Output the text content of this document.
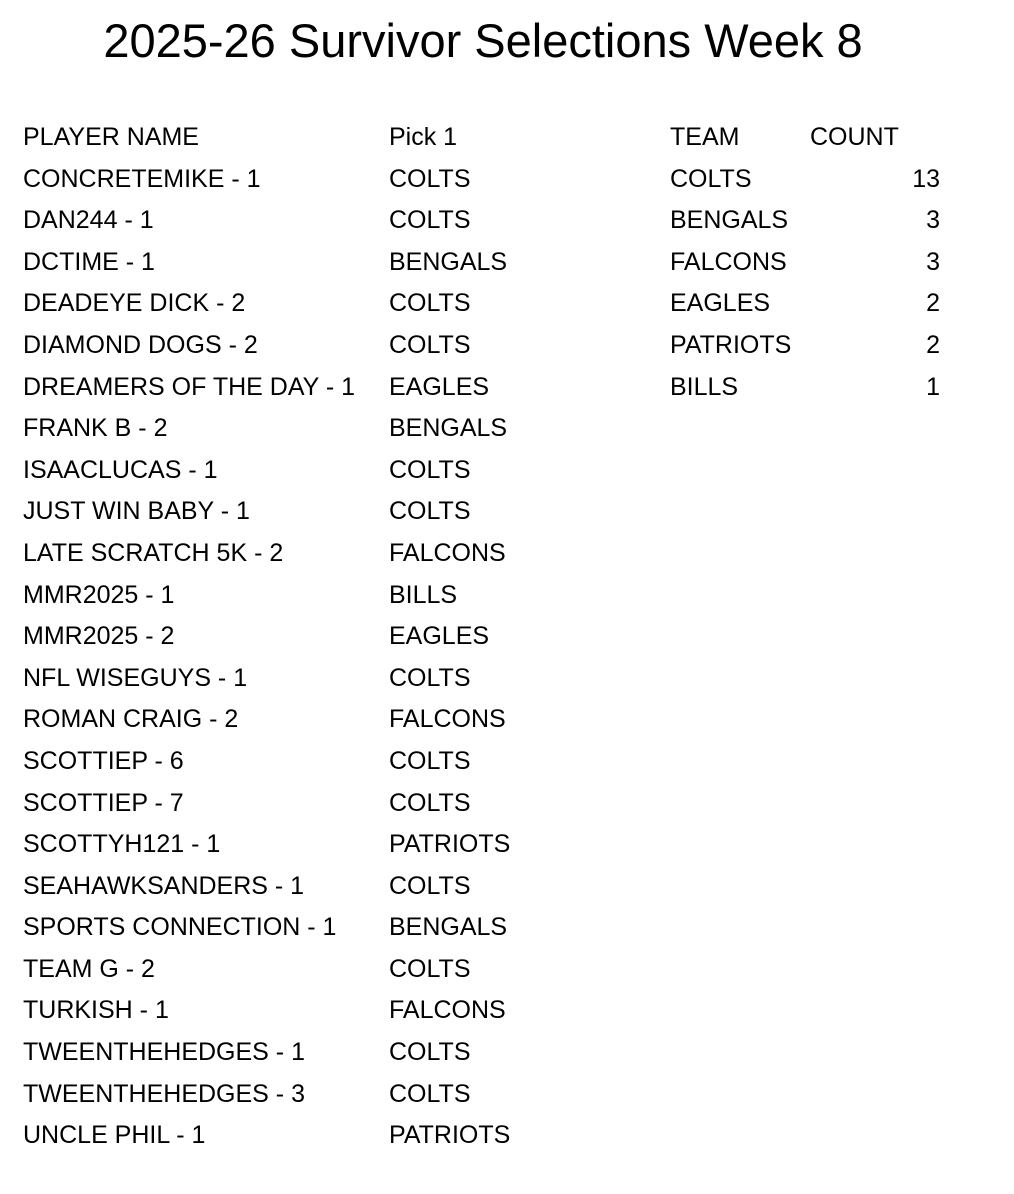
2025-26 Survivor Selections Week 8
PLAYER NAME	Pick 1
CONCRETEMIKE - 1	COLTS
DAN244 - 1	COLTS
DCTIME - 1	BENGALS
DEADEYE DICK - 2	COLTS
DIAMOND DOGS - 2	COLTS
DREAMERS OF THE DAY - 1	EAGLES
FRANK B - 2	BENGALS
ISAACLUCAS - 1	COLTS
JUST WIN BABY - 1	COLTS
LATE SCRATCH 5K - 2	FALCONS
MMR2025 - 1	BILLS
MMR2025 - 2	EAGLES
NFL WISEGUYS - 1	COLTS
ROMAN CRAIG - 2	FALCONS
SCOTTIEP - 6	COLTS
SCOTTIEP - 7	COLTS
SCOTTYH121 - 1	PATRIOTS
SEAHAWKSANDERS - 1	COLTS
SPORTS CONNECTION - 1	BENGALS
TEAM G - 2	COLTS
TURKISH - 1	FALCONS
TWEENTHEHEDGES - 1	COLTS
TWEENTHEHEDGES - 3	COLTS
UNCLE PHIL - 1	PATRIOTS
TEAM	COUNT
COLTS	13
BENGALS	3
FALCONS	3
EAGLES	2
PATRIOTS	2
BILLS	1
